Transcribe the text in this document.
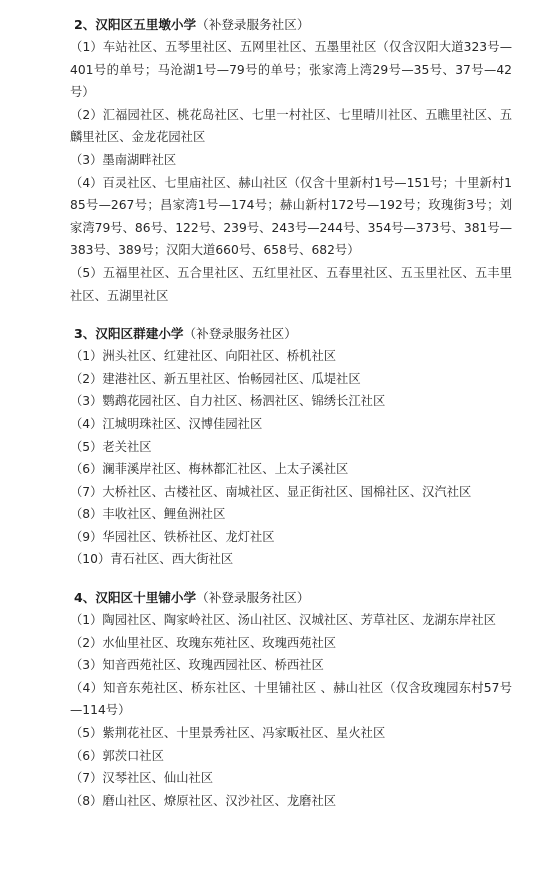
2、汉阳区五里墩小学（补登录服务社区）

（1）车站社区、五琴里社区、五网里社区、五墨里社区（仅含汉阳大道323号—401号的单号；马沧湖1号—79号的单号；张家湾上湾29号—35号、37号—42号）

（2）汇福园社区、桃花岛社区、七里一村社区、七里晴川社区、五瞧里社区、五麟里社区、金龙花园社区

（3）墨南湖畔社区

（4）百灵社区、七里庙社区、赫山社区（仅含十里新村1号—151号；十里新村185号—267号；昌家湾1号—174号；赫山新村172号—192号；玫瑰街3号；刘家湾79号、86号、122号、239号、243号—244号、354号—373号、381号—383号、389号；汉阳大道660号、658号、682号）

（5）五福里社区、五合里社区、五红里社区、五春里社区、五玉里社区、五丰里社区、五湖里社区

3、汉阳区群建小学（补登录服务社区）

（1）洲头社区、红建社区、向阳社区、桥机社区

（2）建港社区、新五里社区、怡畅园社区、瓜堤社区

（3）鹦鹉花园社区、自力社区、杨泗社区、锦绣长江社区

（4）江城明珠社区、汉博佳园社区

（5）老关社区

（6）澜菲溪岸社区、梅林都汇社区、上太子溪社区

（7）大桥社区、古楼社区、南城社区、显正街社区、国棉社区、汉汽社区

（8）丰收社区、鲤鱼洲社区

（9）华园社区、铁桥社区、龙灯社区

（10）青石社区、西大街社区

4、汉阳区十里铺小学（补登录服务社区）

（1）陶园社区、陶家岭社区、汤山社区、汉城社区、芳草社区、龙湖东岸社区

（2）水仙里社区、玫瑰东苑社区、玫瑰西苑社区

（3）知音西苑社区、玫瑰西园社区、桥西社区

（4）知音东苑社区、桥东社区、十里铺社区 、赫山社区（仅含玫瑰园东村57号—114号）

（5）紫荆花社区、十里景秀社区、冯家畈社区、星火社区

（6）郭茨口社区

（7）汉琴社区、仙山社区

（8）磨山社区、燎原社区、汉沙社区、龙磨社区
